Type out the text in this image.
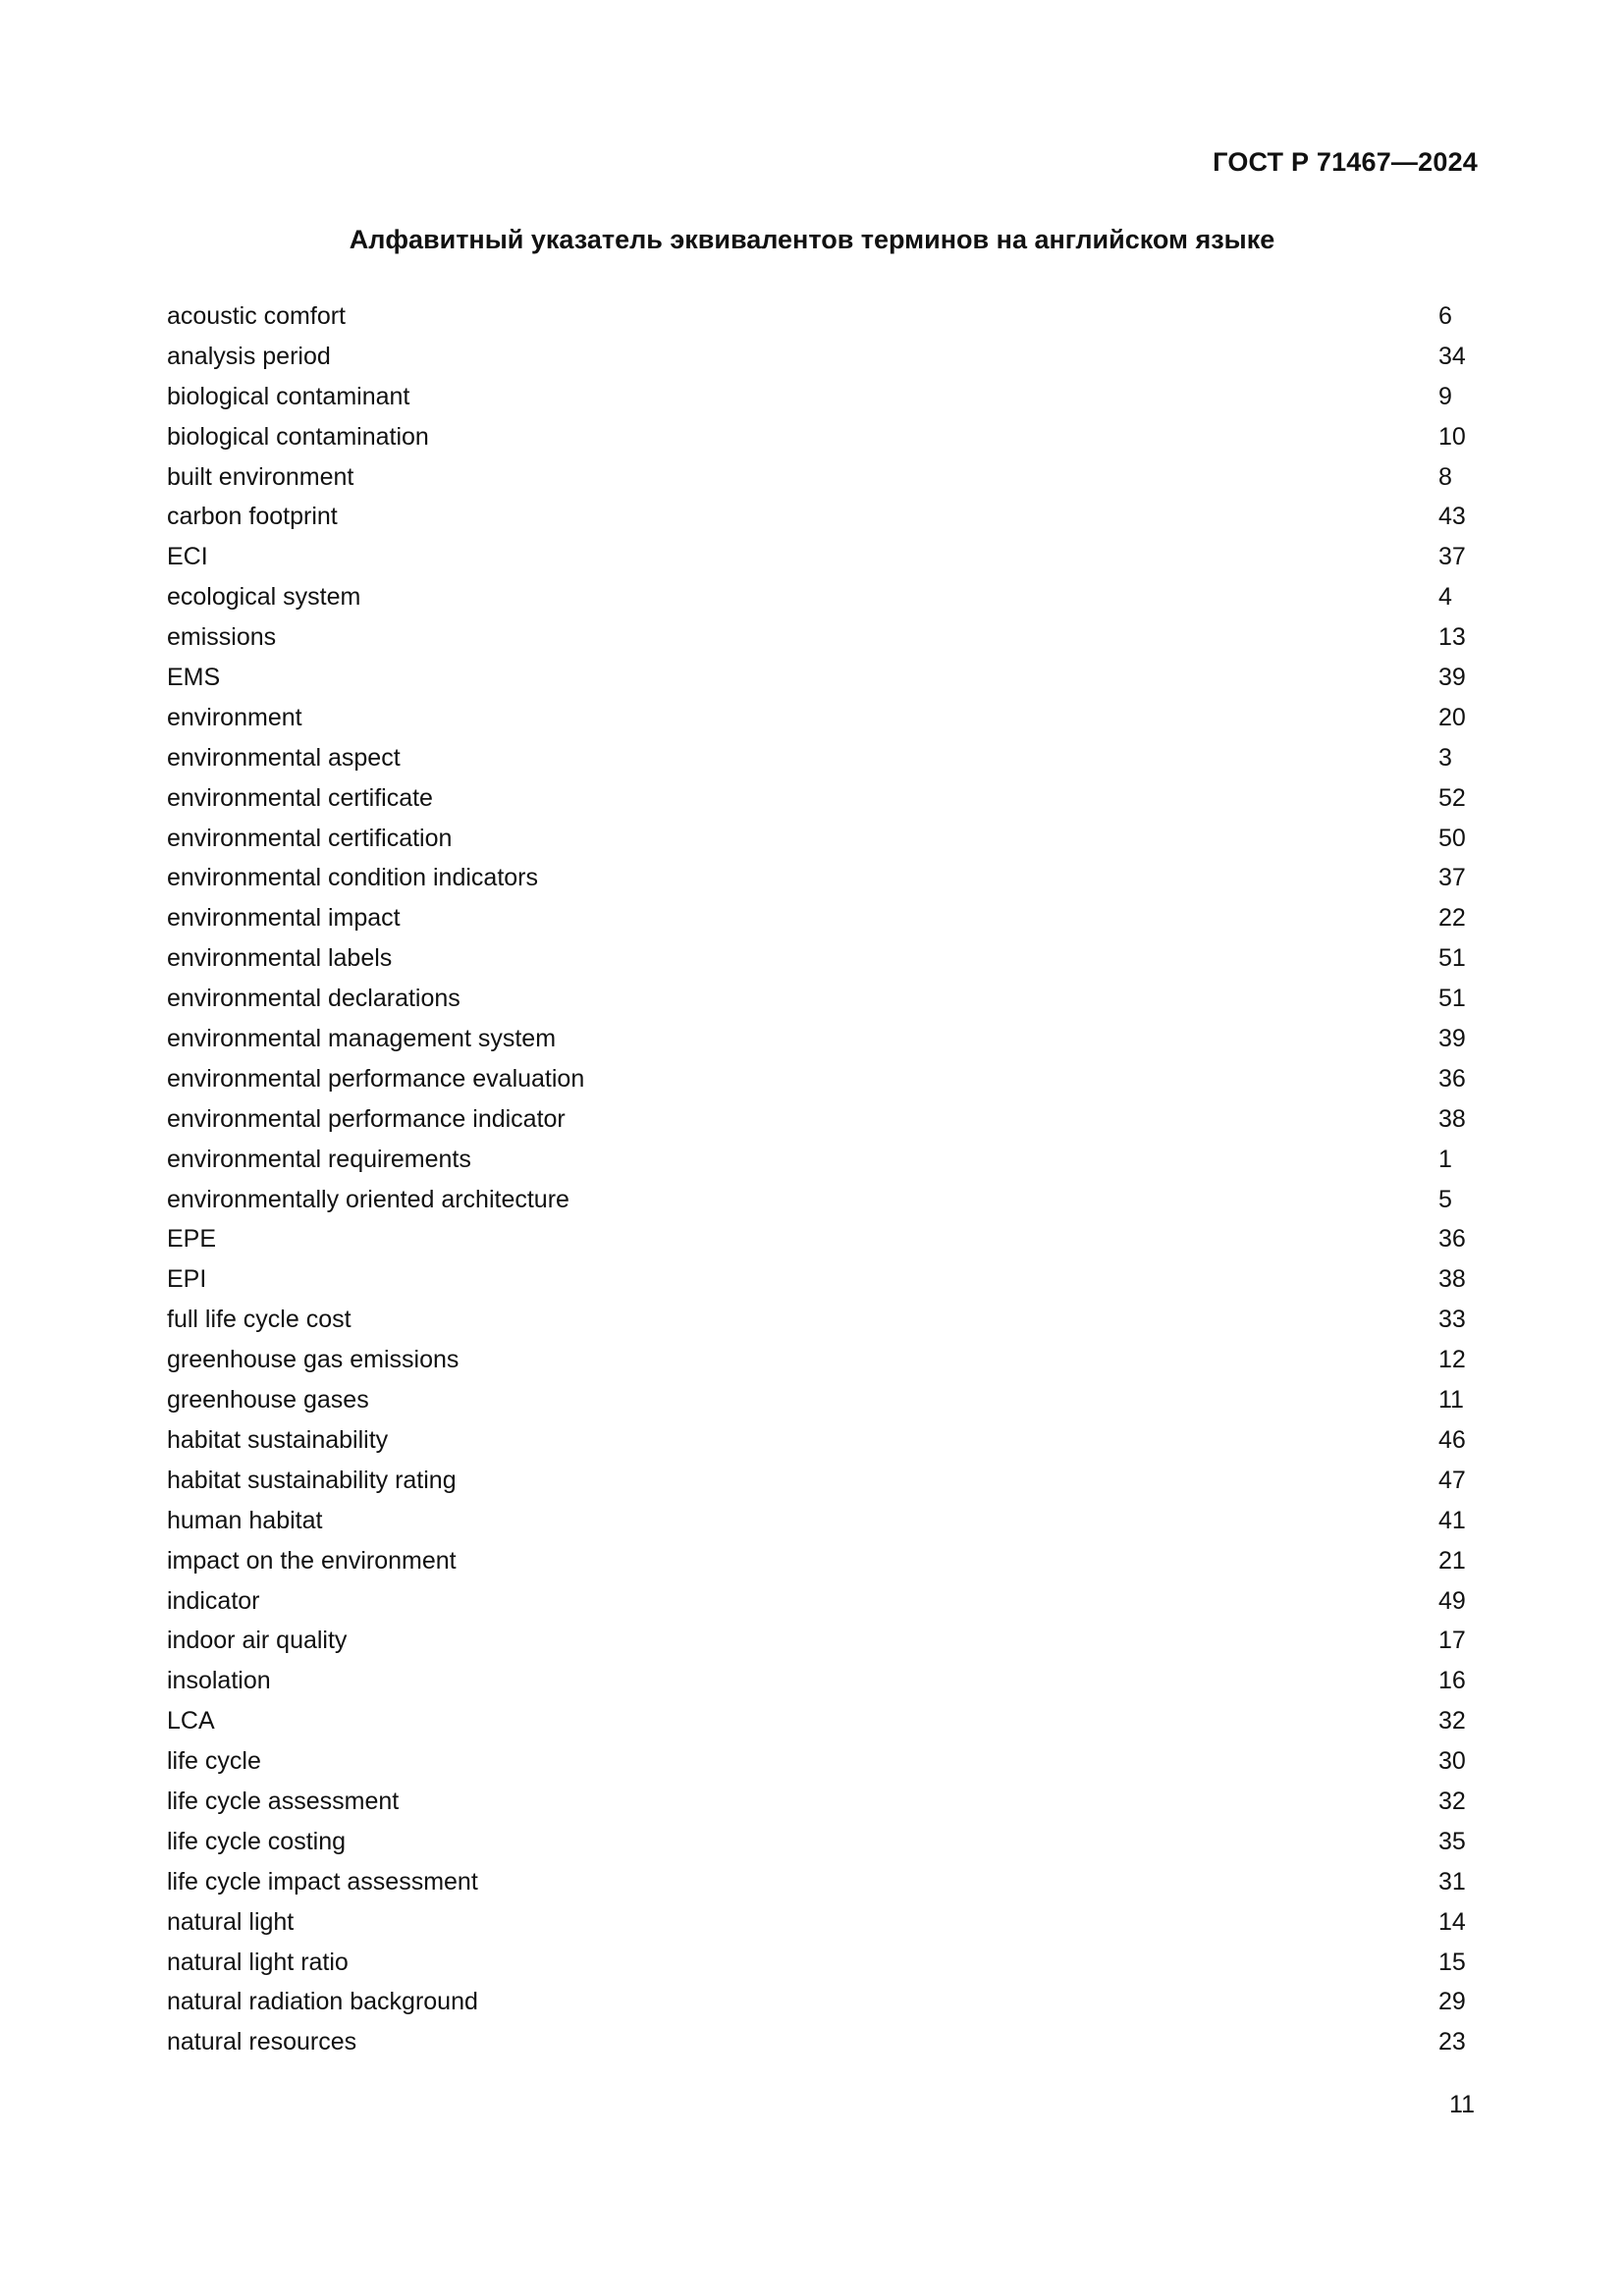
ГОСТ Р 71467—2024
Алфавитный указатель эквивалентов терминов на английском языке
acoustic comfort	6
analysis period	34
biological contaminant	9
biological contamination	10
built environment	8
carbon footprint	43
ECI	37
ecological system	4
emissions	13
EMS	39
environment	20
environmental aspect	3
environmental certificate	52
environmental certification	50
environmental condition indicators	37
environmental impact	22
environmental labels	51
environmental declarations	51
environmental management system	39
environmental performance evaluation	36
environmental performance indicator	38
environmental requirements	1
environmentally oriented architecture	5
EPE	36
EPI	38
full life cycle cost	33
greenhouse gas emissions	12
greenhouse gases	11
habitat sustainability	46
habitat sustainability rating	47
human habitat	41
impact on the environment	21
indicator	49
indoor air quality	17
insolation	16
LCA	32
life cycle	30
life cycle assessment	32
life cycle costing	35
life cycle impact assessment	31
natural light	14
natural light ratio	15
natural radiation background	29
natural resources	23
11
